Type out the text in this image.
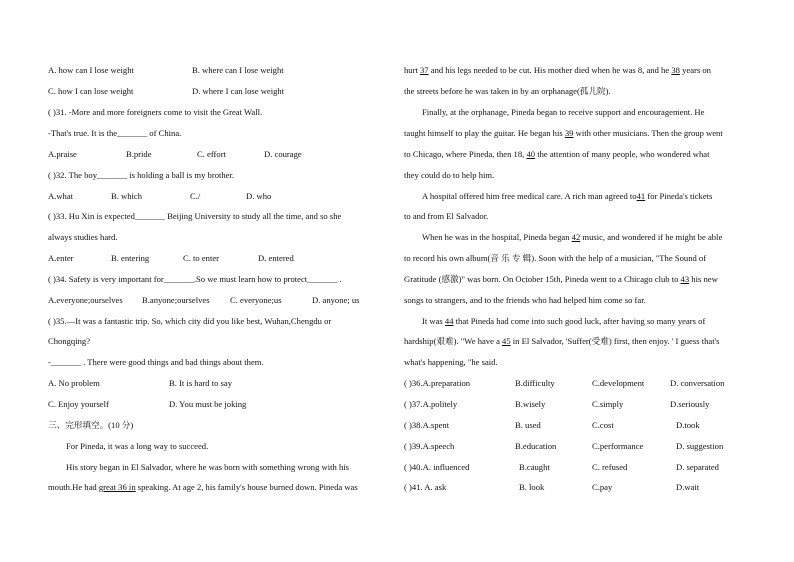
A. how can I lose weight	B. where can I lose weight
C. how I can lose weight	D. where I can lose weight
( )31. -More and more foreigners come to visit the Great Wall.
-That's true. It is the_______ of China.
A.praise	B.pride	C. effort	D. courage
( )32. The boy_______ is holding a ball is my brother.
A.what	B. which	C./	D. who
( )33. Hu Xin is expected_______ Beijing University to study all the time, and so she
always studies hard.
A.enter	B. entering	C. to enter	D. entered
( )34. Safety is very important for_______.So we must learn how to protect_______ .
A.everyone;ourselves B.anyone;ourselves C. everyone;us	D. anyone; us
( )35.—It was a fantastic trip. So, which city did you like best, Wuhan,Chengdu or
Chongqing?
-_______ . There were good things and bad things about them.
A. No problem	B. It is hard to say
C. Enjoy yourself	D. You must be joking
三、完形填空。(10 分)
For Pineda, it was a long way to succeed.
His story began in El Salvador, where he was born with something wrong with his
mouth.He had great 36 in speaking. At age 2, his family's house burned down. Pineda was
hurt 37 and his legs needed to be cut. His mother died when he was 8, and he 38 years on
the streets before he was taken in by an orphanage(孤儿院).
Finally, at the orphanage, Pineda began to receive support and encouragement. He
taught himself to play the guitar. He began his 39 with other musicians. Then the group went
to Chicago, where Pineda, then 18, 40 the attention of many people, who wondered what
they could do to help him.
A hospital offered him free medical care. A rich man agreed to41 for Pineda's tickets
to and from El Salvador.
When he was in the hospital, Pineda began 42 music, and wondered if he might be able
to record his own album(音 乐 专 辑). Soon with the help of a musician, "The Sound of
Gratitude (感激)" was born. On October 15th, Pineda went to a Chicago club to 43 his new
songs to strangers, and to the friends who had helped him come so far.
It was 44 that Pineda had come into such good luck, after having so many years of
hardship(艰难). "We have a 45 in El Salvador, 'Suffer(受难) first, then enjoy. ' I guess that's
what's happening, "he said.
( )36.A.preparation	B.difficulty	C.development	D. conversation
( )37.A.politely	B.wisely	C.simply	D.seriously
( )38.A.spent	B. used	C.cost	D.took
( )39.A.speech	B.education	C.performance	D. suggestion
( )40.A. influenced	B.caught	C. refused	D. separated
( )41. A. ask	B. look	C.pay	D.wait
